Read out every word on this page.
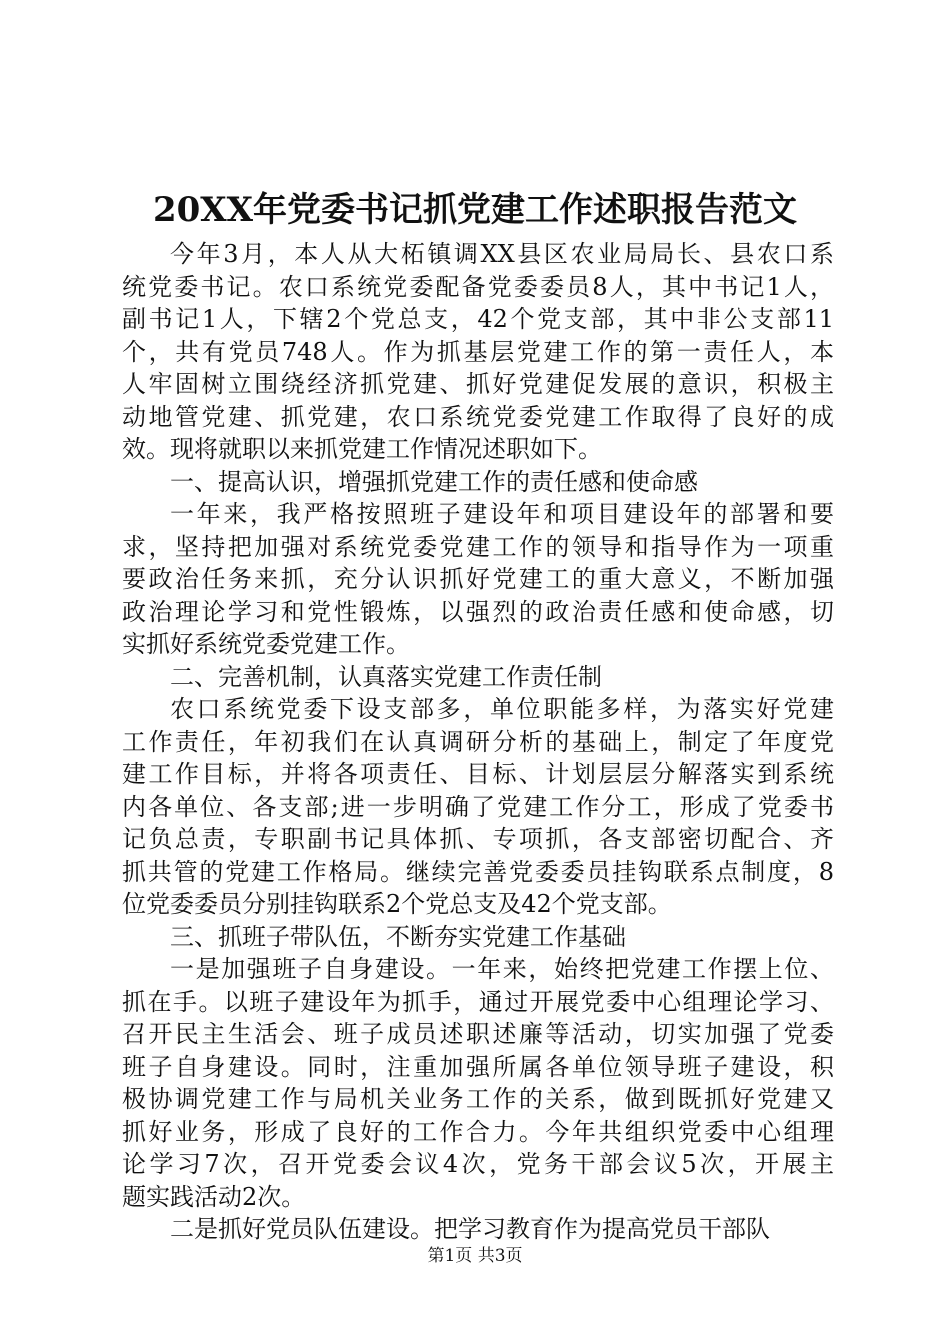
20XX年党委书记抓党建工作述职报告范文
今年3月，本人从大柘镇调XX县区农业局局长、县农口系
统党委书记。农口系统党委配备党委委员8人，其中书记1人，
副书记1人，下辖2个党总支，42个党支部，其中非公支部11
个，共有党员748人。作为抓基层党建工作的第一责任人，本
人牢固树立围绕经济抓党建、抓好党建促发展的意识，积极主
动地管党建、抓党建，农口系统党委党建工作取得了良好的成
效。现将就职以来抓党建工作情况述职如下。
一、提高认识，增强抓党建工作的责任感和使命感
一年来，我严格按照班子建设年和项目建设年的部署和要
求，坚持把加强对系统党委党建工作的领导和指导作为一项重
要政治任务来抓，充分认识抓好党建工的重大意义，不断加强
政治理论学习和党性锻炼，以强烈的政治责任感和使命感，切
实抓好系统党委党建工作。
二、完善机制，认真落实党建工作责任制
农口系统党委下设支部多，单位职能多样，为落实好党建
工作责任，年初我们在认真调研分析的基础上，制定了年度党
建工作目标，并将各项责任、目标、计划层层分解落实到系统
内各单位、各支部;进一步明确了党建工作分工，形成了党委书
记负总责，专职副书记具体抓、专项抓，各支部密切配合、齐
抓共管的党建工作格局。继续完善党委委员挂钩联系点制度，8
位党委委员分别挂钩联系2个党总支及42个党支部。
三、抓班子带队伍，不断夯实党建工作基础
一是加强班子自身建设。一年来，始终把党建工作摆上位、
抓在手。以班子建设年为抓手，通过开展党委中心组理论学习、
召开民主生活会、班子成员述职述廉等活动，切实加强了党委
班子自身建设。同时，注重加强所属各单位领导班子建设，积
极协调党建工作与局机关业务工作的关系，做到既抓好党建又
抓好业务，形成了良好的工作合力。今年共组织党委中心组理
论学习7次，召开党委会议4次，党务干部会议5次，开展主
题实践活动2次。
二是抓好党员队伍建设。把学习教育作为提高党员干部队
第1页 共3页
